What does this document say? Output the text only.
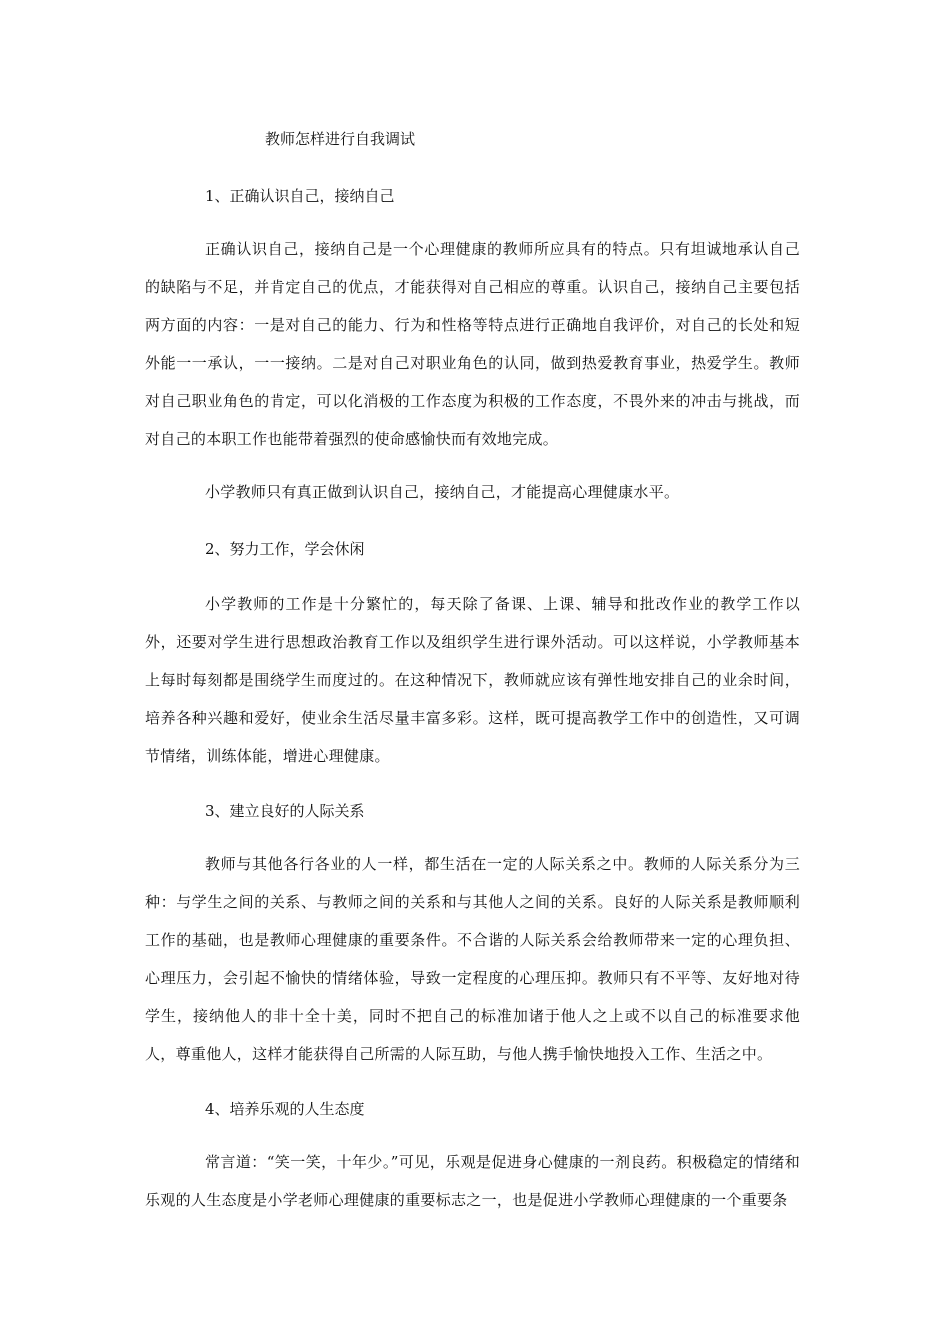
教师怎样进行自我调试
1、正确认识自己，接纳自己

正确认识自己，接纳自己是一个心理健康的教师所应具有的特点。只有坦诚地承认自己的缺陷与不足，并肯定自己的优点，才能获得对自己相应的尊重。认识自己，接纳自己主要包括两方面的内容：一是对自己的能力、行为和性格等特点进行正确地自我评价，对自己的长处和短外能一一承认，一一接纳。二是对自己对职业角色的认同，做到热爱教育事业，热爱学生。教师对自己职业角色的肯定，可以化消极的工作态度为积极的工作态度，不畏外来的冲击与挑战，而对自己的本职工作也能带着强烈的使命感愉快而有效地完成。

小学教师只有真正做到认识自己，接纳自己，才能提高心理健康水平。

2、努力工作，学会休闲

小学教师的工作是十分繁忙的，每天除了备课、上课、辅导和批改作业的教学工作以外，还要对学生进行思想政治教育工作以及组织学生进行课外活动。可以这样说，小学教师基本上每时每刻都是围绕学生而度过的。在这种情况下，教师就应该有弹性地安排自己的业余时间，培养各种兴趣和爱好，使业余生活尽量丰富多彩。这样，既可提高教学工作中的创造性，又可调节情绪，训练体能，增进心理健康。

3、建立良好的人际关系

教师与其他各行各业的人一样，都生活在一定的人际关系之中。教师的人际关系分为三种：与学生之间的关系、与教师之间的关系和与其他人之间的关系。良好的人际关系是教师顺利工作的基础，也是教师心理健康的重要条件。不合谐的人际关系会给教师带来一定的心理负担、心理压力，会引起不愉快的情绪体验，导致一定程度的心理压抑。教师只有不平等、友好地对待学生，接纳他人的非十全十美，同时不把自己的标准加诸于他人之上或不以自己的标准要求他人，尊重他人，这样才能获得自己所需的人际互助，与他人携手愉快地投入工作、生活之中。

4、培养乐观的人生态度

常言道：“笑一笑，十年少。”可见，乐观是促进身心健康的一剂良药。积极稳定的情绪和乐观的人生态度是小学老师心理健康的重要标志之一，也是促进小学教师心理健康的一个重要条
